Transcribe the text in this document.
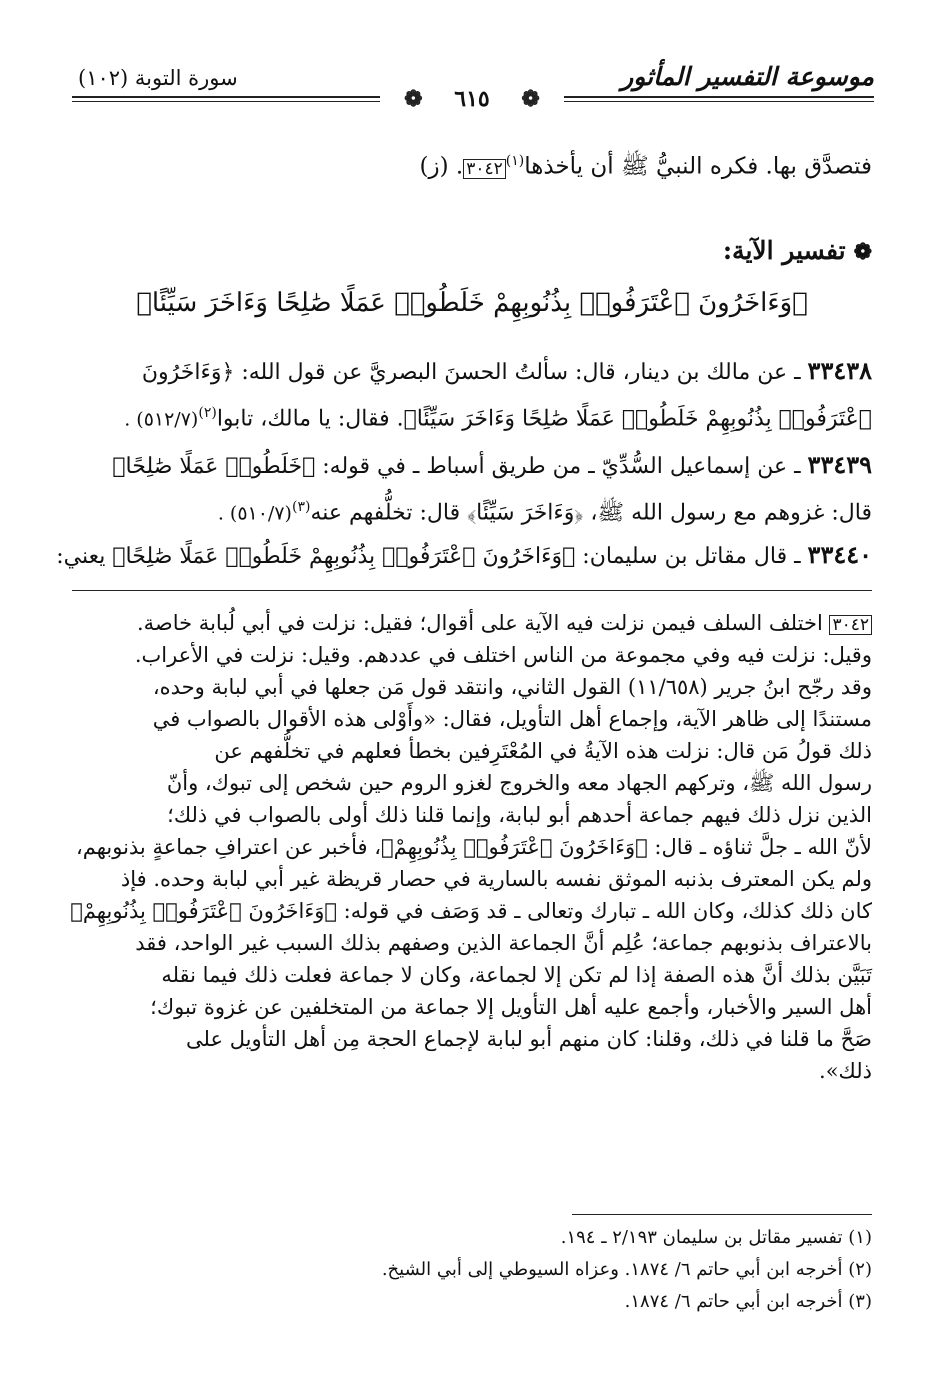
موسوعة التفسير المأثور
سورة التوبة (١٠٢)
❁ ٦١٥ ❁
فتصدَّق بها. فكره النبيُّ ﷺ أن يأخذها$^{(١)}$٣٠٤٢. (ز)
❁تفسير الآية:
﴿وَءَاخَرُونَ ٱعْتَرَفُوا۟ بِذُنُوبِهِمْ خَلَطُوا۟ عَمَلًا صَٰلِحًا وَءَاخَرَ سَيِّئًا﴾
٣٣٤٣٨ ـ عن مالك بن دينار، قال: سألتُ الحسنَ البصريَّ عن قول الله: ﴿وَءَاخَرُونَ
ٱعْتَرَفُوا۟ بِذُنُوبِهِمْ خَلَطُوا۟ عَمَلًا صَٰلِحًا وَءَاخَرَ سَيِّئًا﴾. فقال: يا مالك، تابوا$^{(٢)}$. (٥١٢/٧)
٣٣٤٣٩ ـ عن إسماعيل السُّدِّيّ ـ من طريق أسباط ـ في قوله: ﴿خَلَطُوا۟ عَمَلًا صَٰلِحًا﴾
قال: غزوهم مع رسول الله ﷺ، ﴿وَءَاخَرَ سَيِّئًا﴾ قال: تخلُّفهم عنه$^{(٣)}$. (٥١٠/٧)
٣٣٤٤٠ ـ قال مقاتل بن سليمان: ﴿وَءَاخَرُونَ ٱعْتَرَفُوا۟ بِذُنُوبِهِمْ خَلَطُوا۟ عَمَلًا صَٰلِحًا﴾ يعني:
٣٠٤٢ اختلف السلف فيمن نزلت فيه الآية على أقوال؛ فقيل: نزلت في أبي لُبابة خاصة.
وقيل: نزلت فيه وفي مجموعة من الناس اختلف في عددهم. وقيل: نزلت في الأعراب.
وقد رجّح ابنُ جرير (١١/٦٥٨) القول الثاني، وانتقد قول مَن جعلها في أبي لبابة وحده،
مستندًا إلى ظاهر الآية، وإجماع أهل التأويل، فقال: «وأَوْلى هذه الأقوال بالصواب في
ذلك قولُ مَن قال: نزلت هذه الآيةُ في المُعْتَرِفين بخطأ فعلهم في تخلُّفهم عن
رسول الله ﷺ، وتركهم الجهاد معه والخروج لغزو الروم حين شخص إلى تبوك، وأنّ
الذين نزل ذلك فيهم جماعة أحدهم أبو لبابة، وإنما قلنا ذلك أولى بالصواب في ذلك؛
لأنّ الله ـ جلَّ ثناؤه ـ قال: ﴿وَءَاخَرُونَ ٱعْتَرَفُوا۟ بِذُنُوبِهِمْ﴾، فأخبر عن اعترافِ جماعةٍ بذنوبهم،
ولم يكن المعترف بذنبه الموثق نفسه بالسارية في حصار قريظة غير أبي لبابة وحده. فإذ
كان ذلك كذلك، وكان الله ـ تبارك وتعالى ـ قد وَصَف في قوله: ﴿وَءَاخَرُونَ ٱعْتَرَفُوا۟ بِذُنُوبِهِمْ﴾
بالاعتراف بذنوبهم جماعة؛ عُلِم أنَّ الجماعة الذين وصفهم بذلك السبب غير الواحد، فقد
تَبَيَّن بذلك أنَّ هذه الصفة إذا لم تكن إلا لجماعة، وكان لا جماعة فعلت ذلك فيما نقله
أهل السير والأخبار، وأجمع عليه أهل التأويل إلا جماعة من المتخلفين عن غزوة تبوك؛
صَحَّ ما قلنا في ذلك، وقلنا: كان منهم أبو لبابة لإجماع الحجة مِن أهل التأويل على
ذلك».
(١) تفسير مقاتل بن سليمان ٢/١٩٣ ـ ١٩٤.
(٢) أخرجه ابن أبي حاتم ٦/ ١٨٧٤. وعزاه السيوطي إلى أبي الشيخ.
(٣) أخرجه ابن أبي حاتم ٦/ ١٨٧٤.
